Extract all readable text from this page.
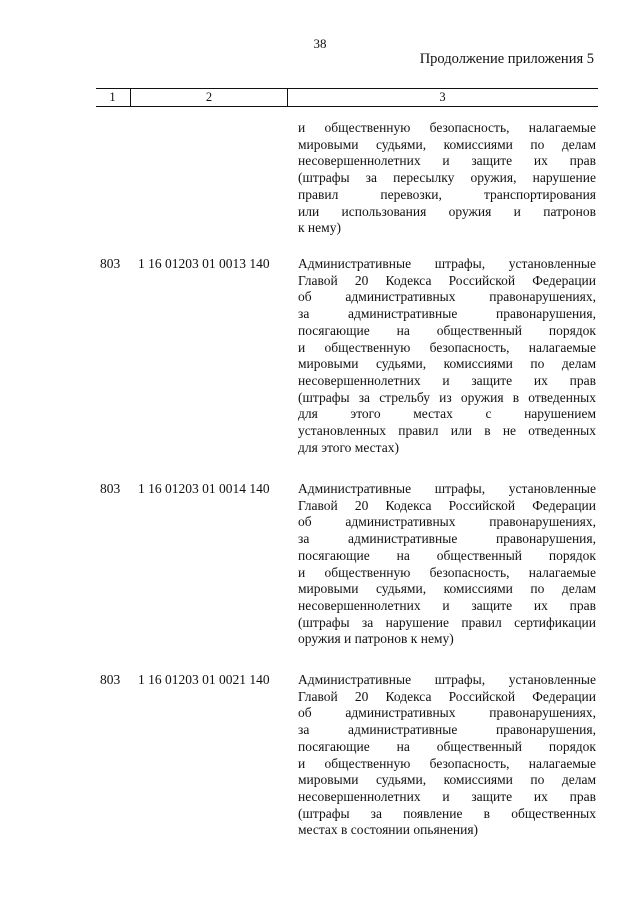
38
Продолжение приложения 5
1	2	3
и общественную безопасность, налагаемые
мировыми судьями, комиссиями по делам
несовершеннолетних и защите их прав
(штрафы за пересылку оружия, нарушение
правил перевозки, транспортирования
или использования оружия и патронов
к нему)
803 1 16 01203 01 0013 140 Административные штрафы, установленные
Главой 20 Кодекса Российской Федерации
об административных правонарушениях,
за административные правонарушения,
посягающие на общественный порядок
и общественную безопасность, налагаемые
мировыми судьями, комиссиями по делам
несовершеннолетних и защите их прав
(штрафы за стрельбу из оружия в отведенных
для этого местах с нарушением
установленных правил или в не отведенных
для этого местах)
803 1 16 01203 01 0014 140 Административные штрафы, установленные
Главой 20 Кодекса Российской Федерации
об административных правонарушениях,
за административные правонарушения,
посягающие на общественный порядок
и общественную безопасность, налагаемые
мировыми судьями, комиссиями по делам
несовершеннолетних и защите их прав
(штрафы за нарушение правил сертификации
оружия и патронов к нему)
803 1 16 01203 01 0021 140 Административные штрафы, установленные
Главой 20 Кодекса Российской Федерации
об административных правонарушениях,
за административные правонарушения,
посягающие на общественный порядок
и общественную безопасность, налагаемые
мировыми судьями, комиссиями по делам
несовершеннолетних и защите их прав
(штрафы за появление в общественных
местах в состоянии опьянения)
